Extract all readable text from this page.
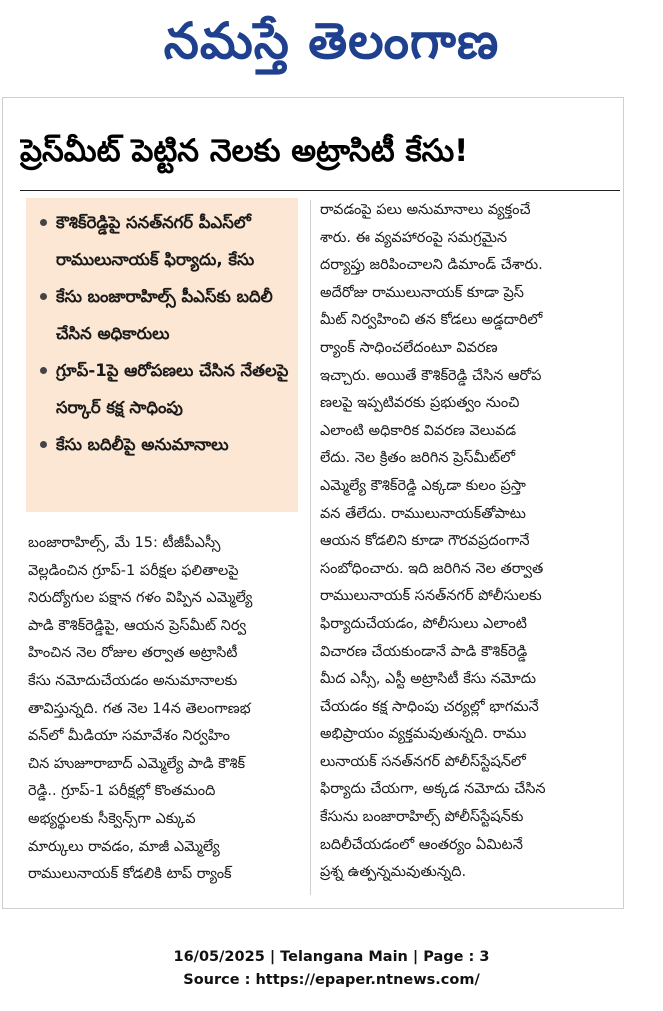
నమస్తే తెలంగాణ
ప్రెస్‌మీట్ పెట్టిన నెలకు అట్రాసిటీ కేసు!
కౌశిక్‌రెడ్డిపై సనత్‌నగర్ పీఎస్‌లో రాములునాయక్ ఫిర్యాదు, కేసు
కేసు బంజారాహిల్స్ పీఎస్‌కు బదిలీ చేసిన అధికారులు
గ్రూప్-1పై ఆరోపణలు చేసిన నేతలపై సర్కార్ కక్ష సాధింపు
కేసు బదిలీపై అనుమానాలు
బంజారాహిల్స్, మే 15: టీజీపీఎస్సీ
వెల్లడించిన గ్రూప్-1 పరీక్షల ఫలితాలపై
నిరుద్యోగుల పక్షాన గళం విప్పిన ఎమ్మెల్యే
పాడి కౌశిక్‌రెడ్డిపై, ఆయన ప్రెస్‌మీట్ నిర్వ
హించిన నెల రోజుల తర్వాత అట్రాసిటీ
కేసు నమోదుచేయడం అనుమానాలకు
తావిస్తున్నది. గత నెల 14న తెలంగాణభ
వన్‌లో మీడియా సమావేశం నిర్వహిం
చిన హుజూరాబాద్ ఎమ్మెల్యే పాడి కౌశిక్
రెడ్డి.. గ్రూప్-1 పరీక్షల్లో కొంతమంది
అభ్యర్థులకు సీక్వెన్స్‌గా ఎక్కువ
మార్కులు రావడం, మాజీ ఎమ్మెల్యే
రాములునాయక్ కోడలికి టాప్ ర్యాంక్
రావడంపై పలు అనుమానాలు వ్యక్తంచే
శారు. ఈ వ్యవహారంపై సమగ్రమైన
దర్యాప్తు జరిపించాలని డిమాండ్ చేశారు.
అదేరోజు రాములునాయక్ కూడా ప్రెస్
మీట్ నిర్వహించి తన కోడలు అడ్డదారిలో
ర్యాంక్ సాధించలేదంటూ వివరణ
ఇచ్చారు. అయితే కౌశిక్‌రెడ్డి చేసిన ఆరోప
ణలపై ఇప్పటివరకు ప్రభుత్వం నుంచి
ఎలాంటి అధికారిక వివరణ వెలువడ
లేదు. నెల క్రితం జరిగిన ప్రెస్‌మీట్‌లో
ఎమ్మెల్యే కౌశిక్‌రెడ్డి ఎక్కడా కులం ప్రస్తా
వన తేలేదు. రాములునాయక్‌తోపాటు
ఆయన కోడలిని కూడా గౌరవప్రదంగానే
సంబోధించారు. ఇది జరిగిన నెల తర్వాత
రాములునాయక్ సనత్‌నగర్ పోలీసులకు
ఫిర్యాదుచేయడం, పోలీసులు ఎలాంటి
విచారణ చేయకుండానే పాడి కౌశిక్‌రెడ్డి
మీద ఎస్సీ, ఎస్టీ అట్రాసిటీ కేసు నమోదు
చేయడం కక్ష సాధింపు చర్యల్లో భాగమనే
అభిప్రాయం వ్యక్తమవుతున్నది. రాము
లునాయక్ సనత్‌నగర్ పోలీస్‌స్టేషన్‌లో
ఫిర్యాదు చేయగా, అక్కడ నమోదు చేసిన
కేసును బంజారాహిల్స్ పోలీస్‌స్టేషన్‌కు
బదిలీచేయడంలో ఆంతర్యం ఏమిటనే
ప్రశ్న ఉత్పన్నమవుతున్నది.
16/05/2025 | Telangana Main | Page : 3
Source : https://epaper.ntnews.com/
